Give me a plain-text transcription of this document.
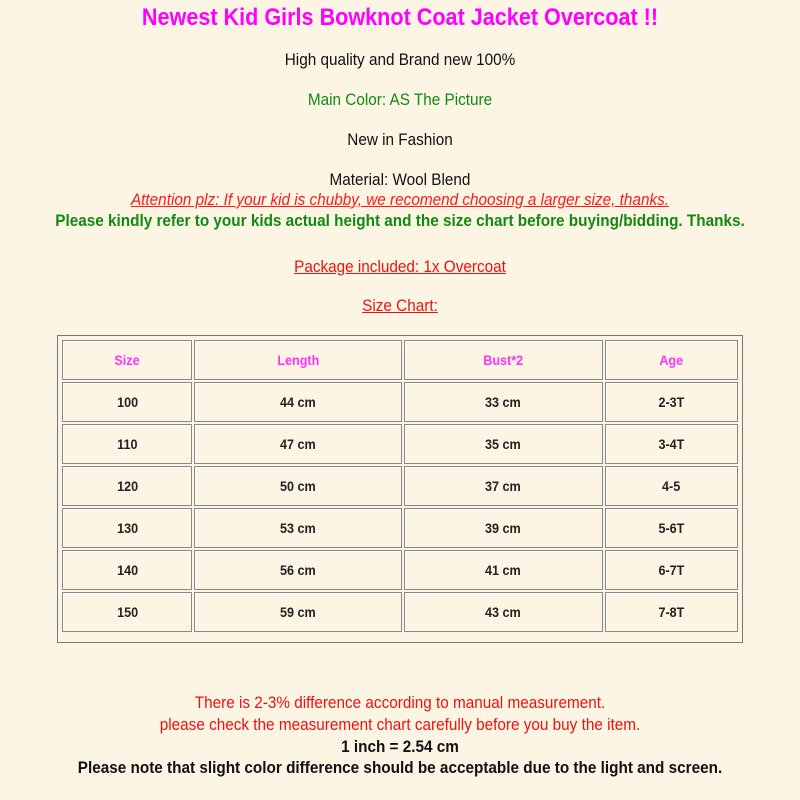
Newest Kid Girls Bowknot Coat Jacket Overcoat !!
High quality and Brand new 100%
Main Color: AS The Picture
New in Fashion
Material: Wool Blend
Attention plz: If your kid is chubby, we recomend choosing a larger size, thanks.
Please kindly refer to your kids actual height and the size chart before buying/bidding. Thanks.
Package included: 1x Overcoat
Size Chart:
Size	Length	Bust*2	Age
100	44 cm	33 cm	2-3T
110	47 cm	35 cm	3-4T
120	50 cm	37 cm	4-5
130	53 cm	39 cm	5-6T
140	56 cm	41 cm	6-7T
150	59 cm	43 cm	7-8T
There is 2-3% difference according to manual measurement.
please check the measurement chart carefully before you buy the item.
1 inch = 2.54 cm
Please note that slight color difference should be acceptable due to the light and screen.
